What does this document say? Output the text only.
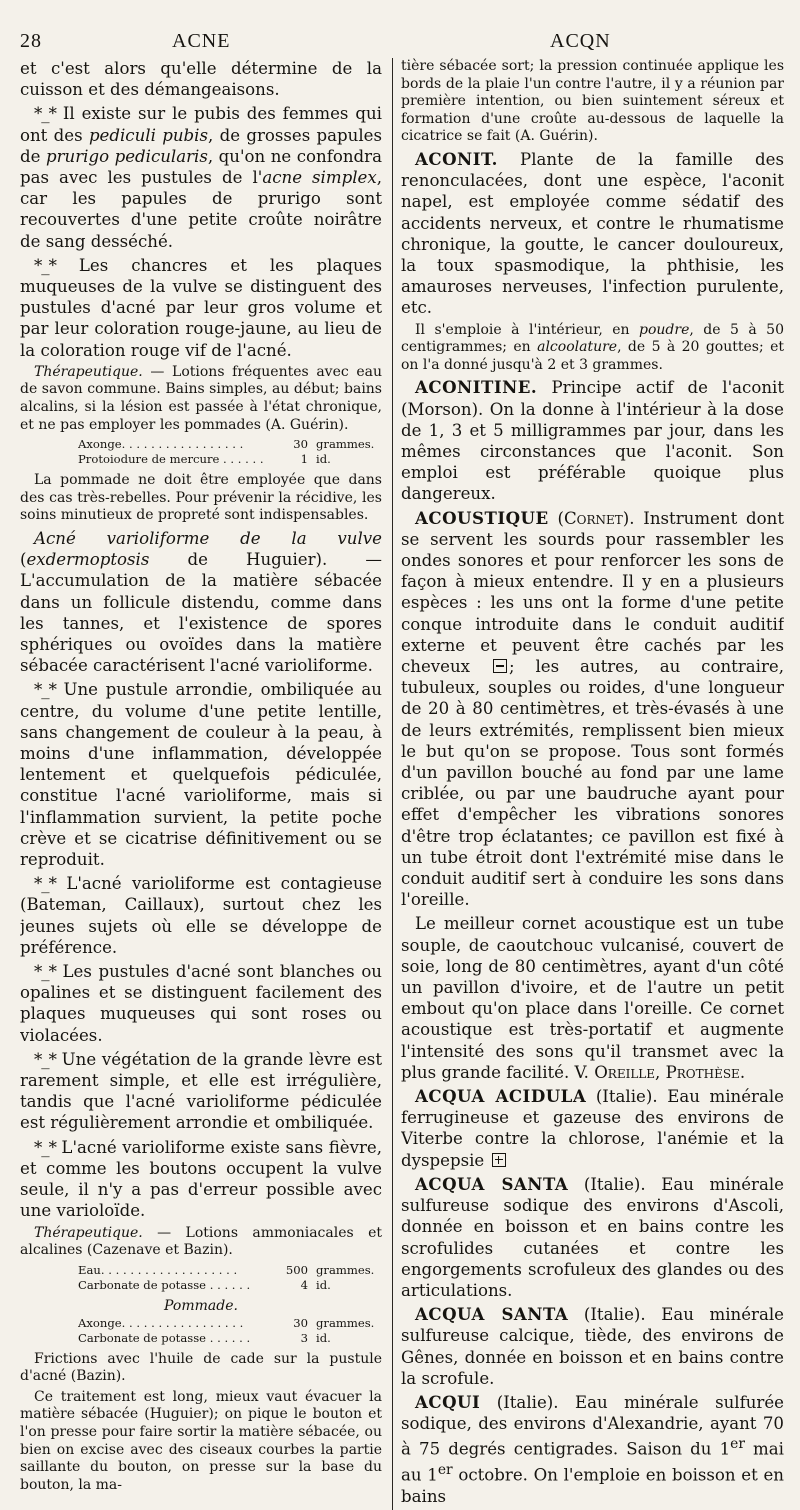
28	ACNE	ACQN

et c'est alors qu'elle détermine de la cuisson et des démangeaisons.

*_* Il existe sur le pubis des femmes qui ont des pediculi pubis, de grosses papules de prurigo pedicularis, qu'on ne confondra pas avec les pustules de l'acne simplex, car les papules de prurigo sont recouvertes d'une petite croûte noirâtre de sang desséché.

*_* Les chancres et les plaques muqueuses de la vulve se distinguent des pustules d'acné par leur gros volume et par leur coloration rouge-jaune, au lieu de la coloration rouge vif de l'acné.

Thérapeutique. — Lotions fréquentes avec eau de savon commune. Bains simples, au début; bains alcalins, si la lésion est passée à l'état chronique, et ne pas employer les pommades (A. Guérin).

Axonge. . . . . . . . . . . . . . . . .	30 grammes.
Protoiodure de mercure . . . . . .	1 id.

La pommade ne doit être employée que dans des cas très-rebelles. Pour prévenir la récidive, les soins minutieux de propreté sont indispensables.

Acné varioliforme de la vulve (exdermoptosis de Huguier). — L'accumulation de la matière sébacée dans un follicule distendu, comme dans les tannes, et l'existence de spores sphériques ou ovoïdes dans la matière sébacée caractérisent l'acné varioliforme.

*_* Une pustule arrondie, ombiliquée au centre, du volume d'une petite lentille, sans changement de couleur à la peau, à moins d'une inflammation, développée lentement et quelquefois pédiculée, constitue l'acné varioliforme, mais si l'inflammation survient, la petite poche crève et se cicatrise définitivement ou se reproduit.

*_* L'acné varioliforme est contagieuse (Bateman, Caillaux), surtout chez les jeunes sujets où elle se développe de préférence.

*_* Les pustules d'acné sont blanches ou opalines et se distinguent facilement des plaques muqueuses qui sont roses ou violacées.

*_* Une végétation de la grande lèvre est rarement simple, et elle est irrégulière, tandis que l'acné varioliforme pédiculée est régulièrement arrondie et ombiliquée.

*_* L'acné varioliforme existe sans fièvre, et comme les boutons occupent la vulve seule, il n'y a pas d'erreur possible avec une varioloïde.

Thérapeutique. — Lotions ammoniacales et alcalines (Cazenave et Bazin).

Eau. . . . . . . . . . . . . . . . . . .	500 grammes.
Carbonate de potasse . . . . . .	4 id.
Pommade.
Axonge. . . . . . . . . . . . . . . . .	30 grammes.
Carbonate de potasse . . . . . .	3 id.

Frictions avec l'huile de cade sur la pustule d'acné (Bazin).

Ce traitement est long, mieux vaut évacuer la matière sébacée (Huguier); on pique le bouton et l'on presse pour faire sortir la matière sébacée, ou bien on excise avec des ciseaux courbes la partie saillante du bouton, on presse sur la base du bouton, la ma-

tière sébacée sort; la pression continuée applique les bords de la plaie l'un contre l'autre, il y a réunion par première intention, ou bien suintement séreux et formation d'une croûte au-dessous de laquelle la cicatrice se fait (A. Guérin).

ACONIT. Plante de la famille des renonculacées, dont une espèce, l'aconit napel, est employée comme sédatif des accidents nerveux, et contre le rhumatisme chronique, la goutte, le cancer douloureux, la toux spasmodique, la phthisie, les amauroses nerveuses, l'infection purulente, etc.

Il s'emploie à l'intérieur, en poudre, de 5 à 50 centigrammes; en alcoolature, de 5 à 20 gouttes; et on l'a donné jusqu'à 2 et 3 grammes.

ACONITINE. Principe actif de l'aconit (Morson). On la donne à l'intérieur à la dose de 1, 3 et 5 milligrammes par jour, dans les mêmes circonstances que l'aconit. Son emploi est préférable quoique plus dangereux.

ACOUSTIQUE (Cornet). Instrument dont se servent les sourds pour rassembler les ondes sonores et pour renforcer les sons de façon à mieux entendre. Il y en a plusieurs espèces : les uns ont la forme d'une petite conque introduite dans le conduit auditif externe et peuvent être cachés par les cheveux ; les autres, au contraire, tubuleux, souples ou roides, d'une longueur de 20 à 80 centimètres, et très-évasés à une de leurs extrémités, remplissent bien mieux le but qu'on se propose. Tous sont formés d'un pavillon bouché au fond par une lame criblée, ou par une baudruche ayant pour effet d'empêcher les vibrations sonores d'être trop éclatantes; ce pavillon est fixé à un tube étroit dont l'extrémité mise dans le conduit auditif sert à conduire les sons dans l'oreille.

Le meilleur cornet acoustique est un tube souple, de caoutchouc vulcanisé, couvert de soie, long de 80 centimètres, ayant d'un côté un pavillon d'ivoire, et de l'autre un petit embout qu'on place dans l'oreille. Ce cornet acoustique est très-portatif et augmente l'intensité des sons qu'il transmet avec la plus grande facilité. V. Oreille, Prothèse.

ACQUA ACIDULA (Italie). Eau minérale ferrugineuse et gazeuse des environs de Viterbe contre la chlorose, l'anémie et la dyspepsie

ACQUA SANTA (Italie). Eau minérale sulfureuse sodique des environs d'Ascoli, donnée en boisson et en bains contre les scrofulides cutanées et contre les engorgements scrofuleux des glandes ou des articulations.

ACQUA SANTA (Italie). Eau minérale sulfureuse calcique, tiède, des environs de Gênes, donnée en boisson et en bains contre la scrofule.

ACQUI (Italie). Eau minérale sulfurée sodique, des environs d'Alexandrie, ayant 70 à 75 degrés centigrades. Saison du 1er mai au 1er octobre. On l'emploie en boisson et en bains
